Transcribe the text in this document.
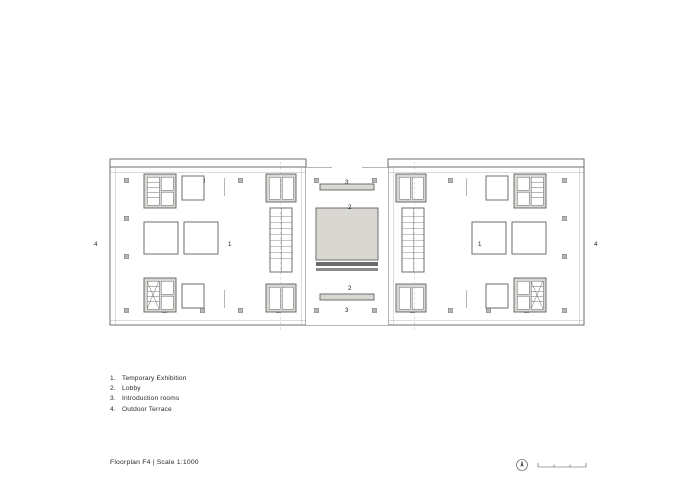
3
2
1	1
4	4
2
3
1. Temporary Exhibition
2. Lobby
3. Introduction rooms
4. Outdoor Terrace
Floorplan F4 | Scale 1:1000
